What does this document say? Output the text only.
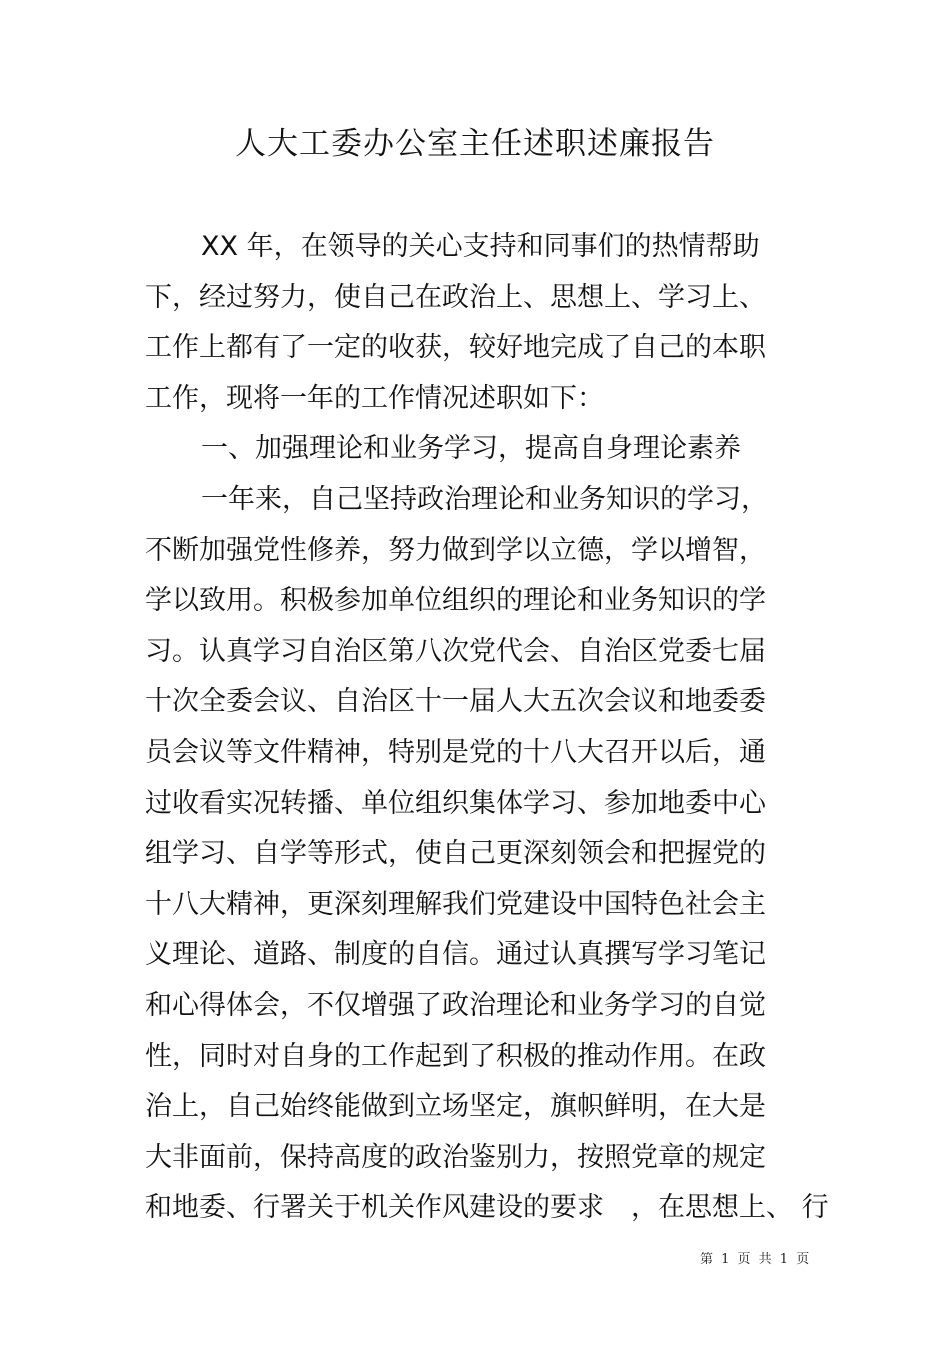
人大工委办公室主任述职述廉报告
XX 年，在领导的关心支持和同事们的热情帮助
下，经过努力，使自己在政治上、思想上、学习上、
工作上都有了一定的收获，较好地完成了自己的本职
工作，现将一年的工作情况述职如下：
一、加强理论和业务学习，提高自身理论素养
一年来，自己坚持政治理论和业务知识的学习，
不断加强党性修养，努力做到学以立德，学以增智，
学以致用。积极参加单位组织的理论和业务知识的学
习。认真学习自治区第八次党代会、自治区党委七届
十次全委会议、自治区十一届人大五次会议和地委委
员会议等文件精神，特别是党的十八大召开以后，通
过收看实况转播、单位组织集体学习、参加地委中心
组学习、自学等形式，使自己更深刻领会和把握党的
十八大精神，更深刻理解我们党建设中国特色社会主
义理论、道路、制度的自信。通过认真撰写学习笔记
和心得体会，不仅增强了政治理论和业务学习的自觉
性，同时对自身的工作起到了积极的推动作用。在政
治上，自己始终能做到立场坚定，旗帜鲜明，在大是
大非面前，保持高度的政治鉴别力，按照党章的规定
和地委、行署关于机关作风建设的要求　，在思想上、 行
第 1 页 共 1 页
